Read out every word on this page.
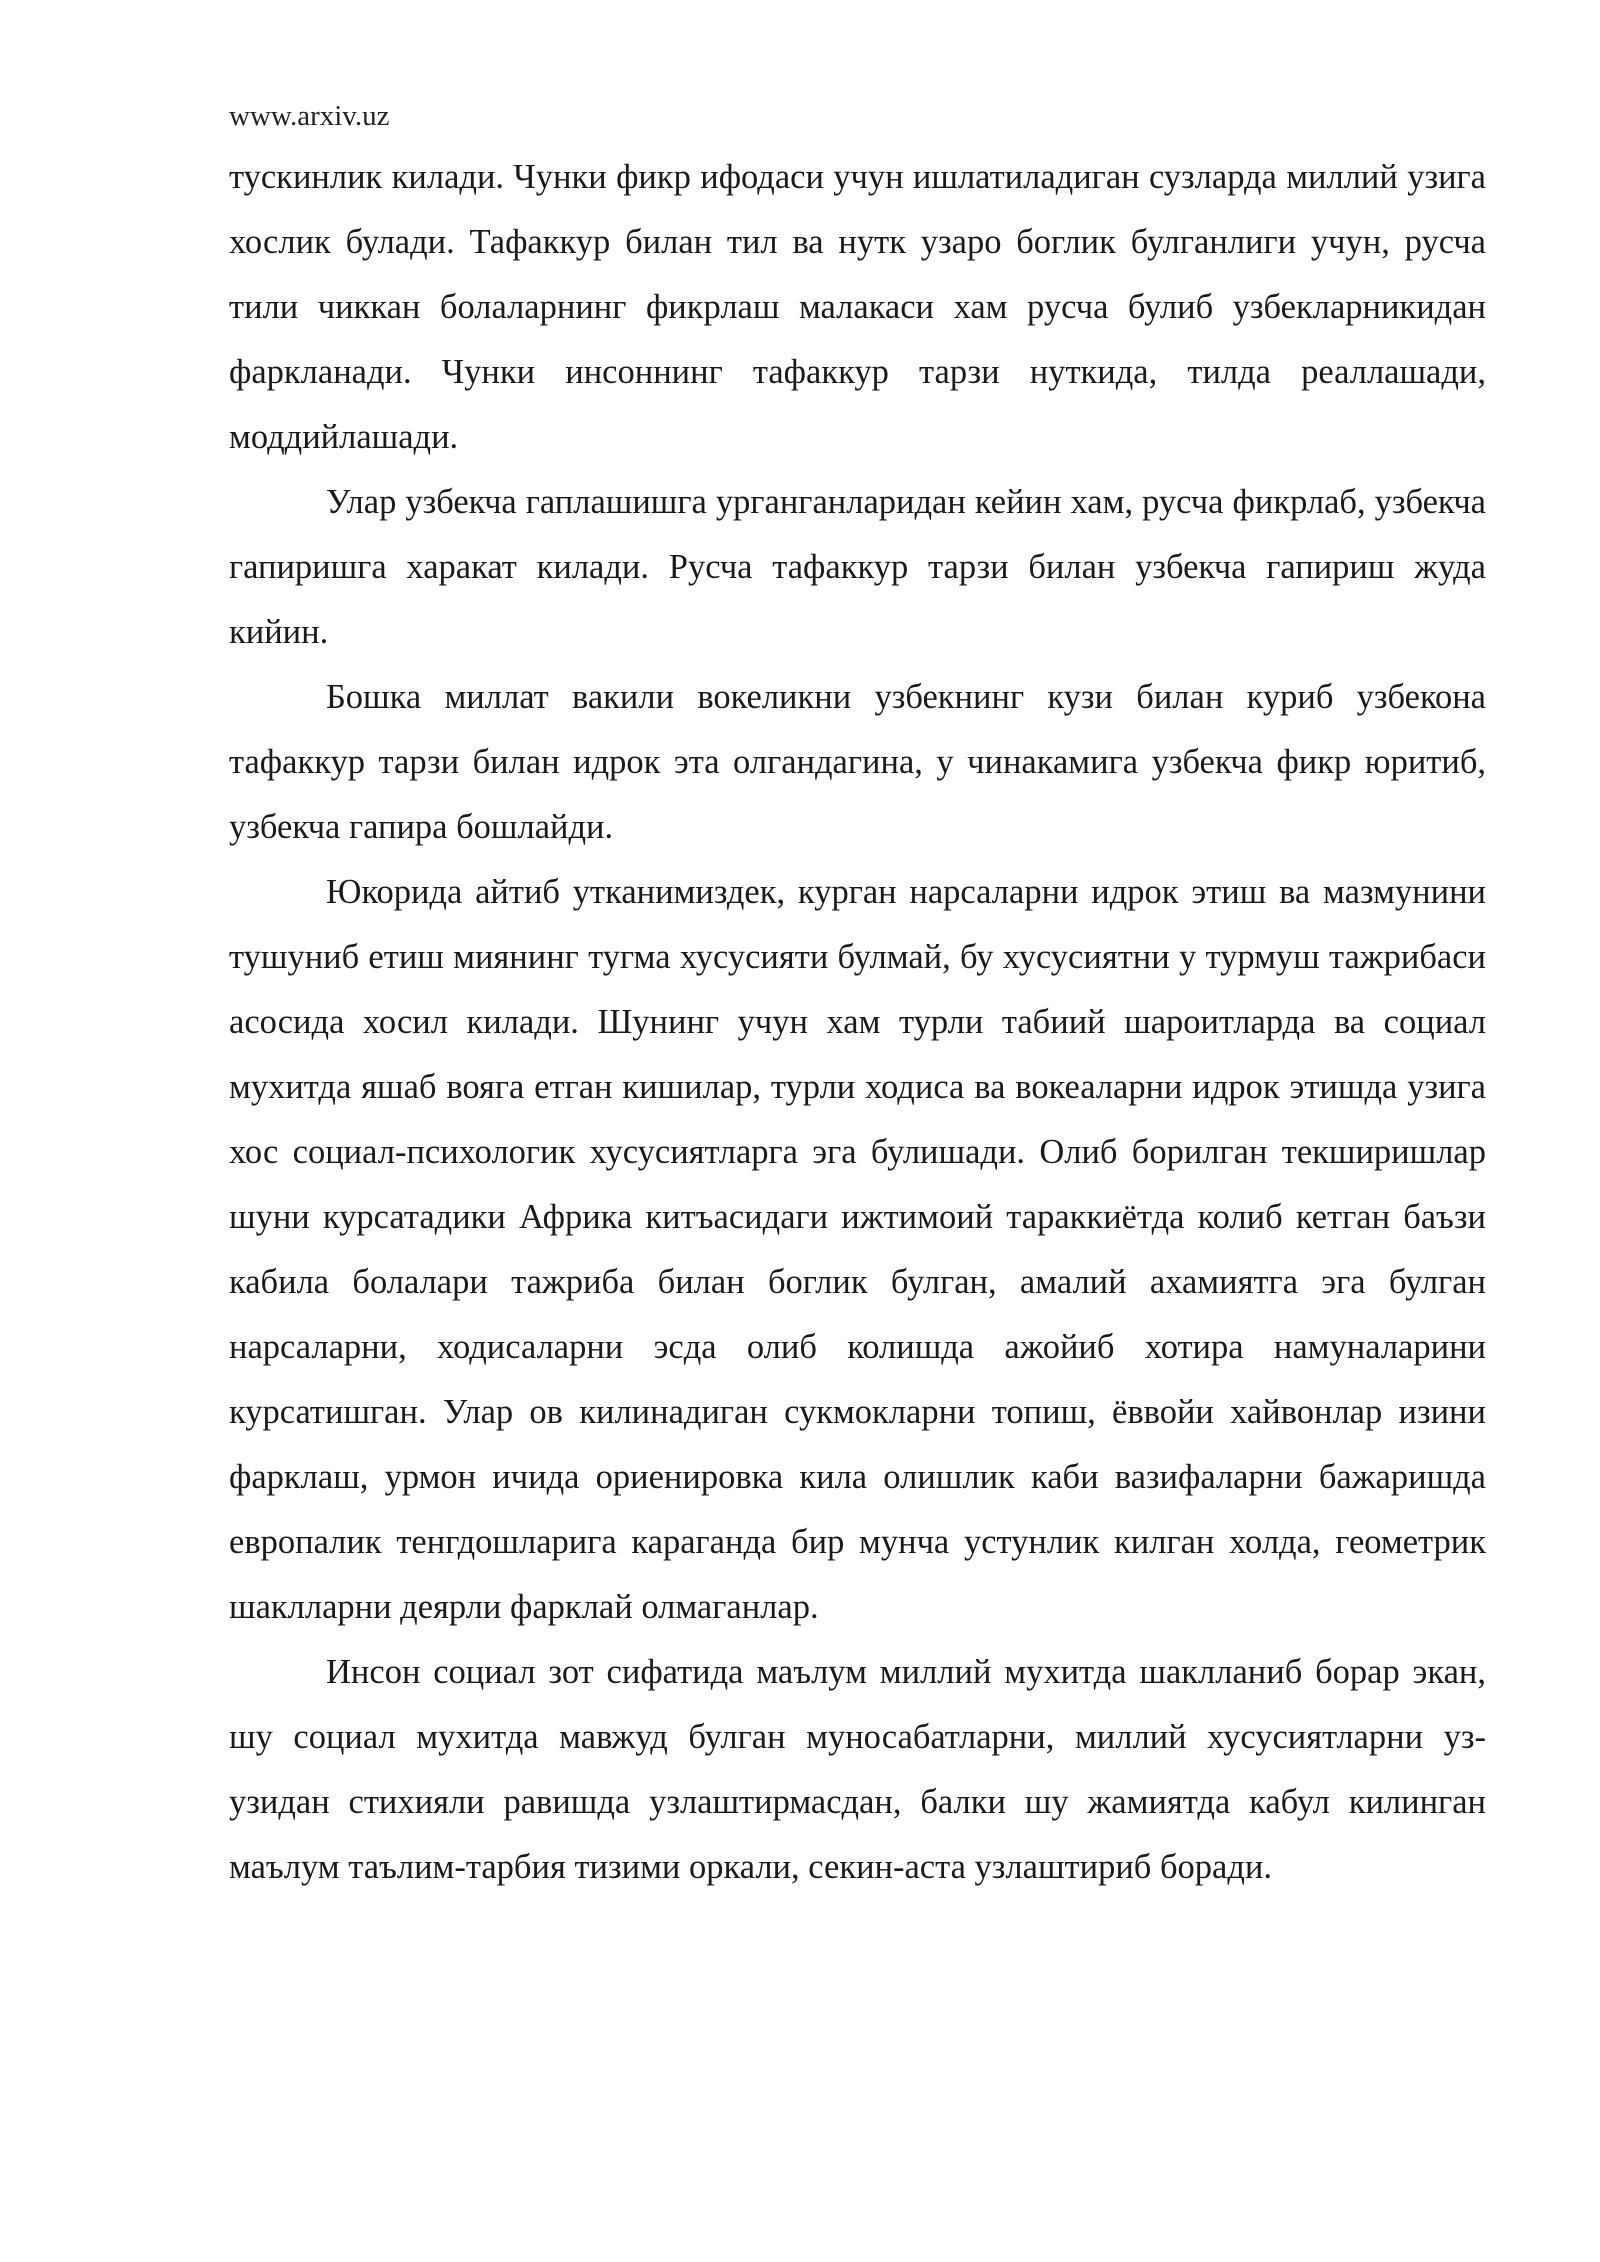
www.arxiv.uz

тускинлик килади. Чунки фикр ифодаси учун ишлатиладиган сузларда миллий узига хослик булади. Тафаккур билан тил ва нутк узаро боглик булганлиги учун, русча тили чиккан болаларнинг фикрлаш малакаси хам русча булиб узбекларникидан фаркланади. Чунки инсоннинг тафаккур тарзи нуткида, тилда реаллашади, моддийлашади.

Улар узбекча гаплашишга урганганларидан кейин хам, русча фикрлаб, узбекча гапиришга харакат килади. Русча тафаккур тарзи билан узбекча гапириш жуда кийин.

Бошка миллат вакили вокеликни узбекнинг кузи билан куриб узбекона тафаккур тарзи билан идрок эта олгандагина, у чинакамига узбекча фикр юритиб, узбекча гапира бошлайди.

Юкорида айтиб утканимиздек, курган нарсаларни идрок этиш ва мазмунини тушуниб етиш миянинг тугма хусусияти булмай, бу хусусиятни у турмуш тажрибаси асосида хосил килади. Шунинг учун хам турли табиий шароитларда ва социал мухитда яшаб вояга етган кишилар, турли ходиса ва вокеаларни идрок этишда узига хос социал-психологик хусусиятларга эга булишади. Олиб борилган текширишлар шуни курсатадики Африка китъасидаги ижтимоий тараккиётда колиб кетган баъзи кабила болалари тажриба билан боглик булган, амалий ахамиятга эга булган нарсаларни, ходисаларни эсда олиб колишда ажойиб хотира намуналарини курсатишган. Улар ов килинадиган сукмокларни топиш, ёввойи хайвонлар изини фарклаш, урмон ичида ориенировка кила олишлик каби вазифаларни бажаришда европалик тенгдошларига караганда бир мунча устунлик килган холда, геометрик шаклларни деярли фарклай олмаганлар.

Инсон социал зот сифатида маълум миллий мухитда шаклланиб борар экан, шу социал мухитда мавжуд булган муносабатларни, миллий хусусиятларни уз-узидан стихияли равишда узлаштирмасдан, балки шу жамиятда кабул килинган маълум таълим-тарбия тизими оркали, секин-аста узлаштириб боради.
